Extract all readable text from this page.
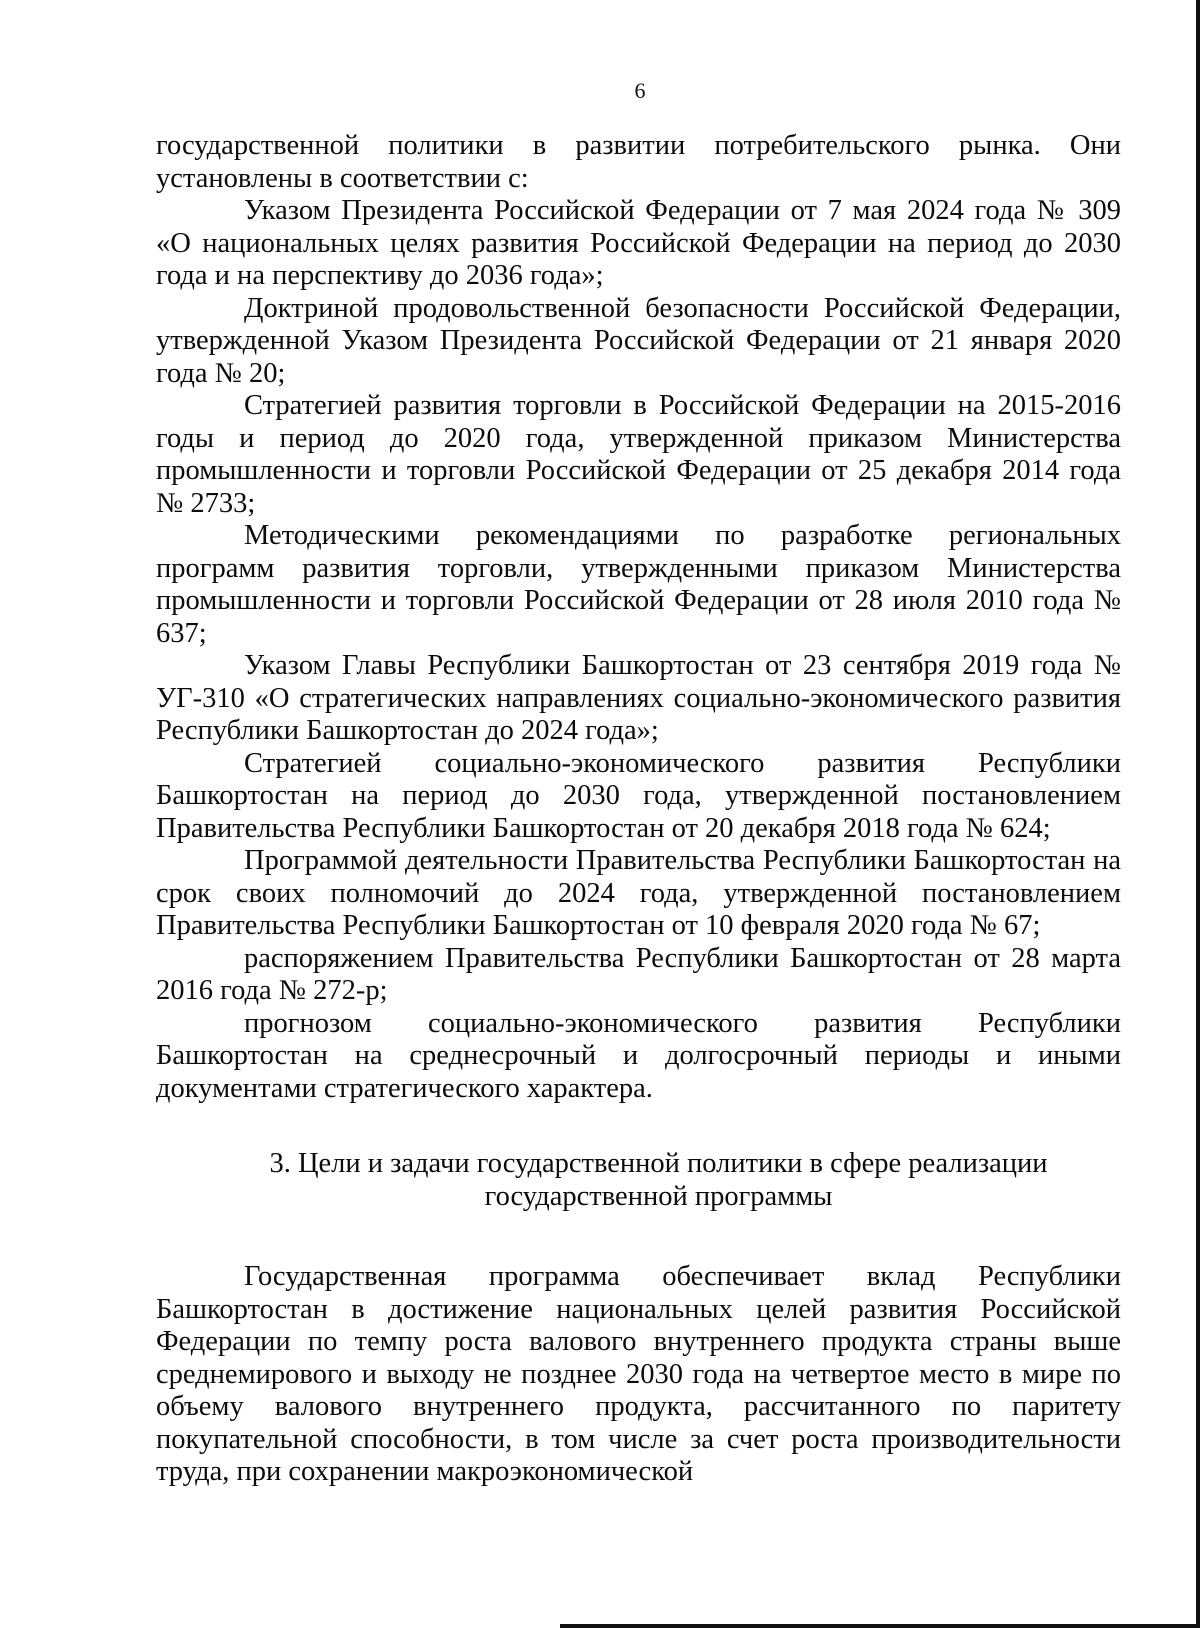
6

государственной политики в развитии потребительского рынка. Они установлены в соответствии с:

Указом Президента Российской Федерации от 7 мая 2024 года № 309 «О национальных целях развития Российской Федерации на период до 2030 года и на перспективу до 2036 года»;

Доктриной продовольственной безопасности Российской Федерации, утвержденной Указом Президента Российской Федерации от 21 января 2020 года № 20;

Стратегией развития торговли в Российской Федерации на 2015-2016 годы и период до 2020 года, утвержденной приказом Министерства промышленности и торговли Российской Федерации от 25 декабря 2014 года № 2733;

Методическими рекомендациями по разработке региональных программ развития торговли, утвержденными приказом Министерства промышленности и торговли Российской Федерации от 28 июля 2010 года № 637;

Указом Главы Республики Башкортостан от 23 сентября 2019 года № УГ-310 «О стратегических направлениях социально-экономического развития Республики Башкортостан до 2024 года»;

Стратегией социально-экономического развития Республики Башкортостан на период до 2030 года, утвержденной постановлением Правительства Республики Башкортостан от 20 декабря 2018 года № 624;

Программой деятельности Правительства Республики Башкортостан на срок своих полномочий до 2024 года, утвержденной постановлением Правительства Республики Башкортостан от 10 февраля 2020 года № 67;

распоряжением Правительства Республики Башкортостан от 28 марта 2016 года № 272-р;

прогнозом социально-экономического развития Республики Башкортостан на среднесрочный и долгосрочный периоды и иными документами стратегического характера.

3. Цели и задачи государственной политики в сфере реализации
государственной программы

Государственная программа обеспечивает вклад Республики Башкортостан в достижение национальных целей развития Российской Федерации по темпу роста валового внутреннего продукта страны выше среднемирового и выходу не позднее 2030 года на четвертое место в мире по объему валового внутреннего продукта, рассчитанного по паритету покупательной способности, в том числе за счет роста производительности труда, при сохранении макроэкономической
